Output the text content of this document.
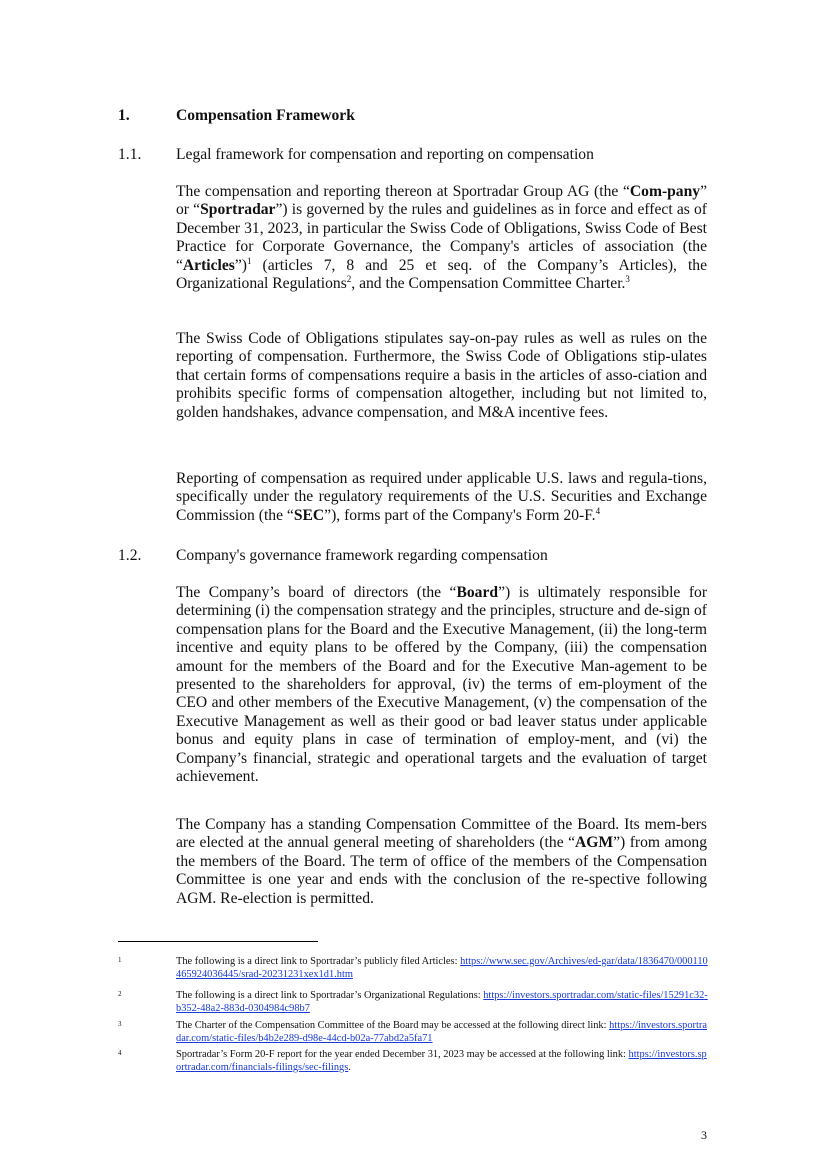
1.	Compensation Framework
1.1. Legal framework for compensation and reporting on compensation
The compensation and reporting thereon at Sportradar Group AG (the “Com-pany” or “Sportradar”) is governed by the rules and guidelines as in force and effect as of December 31, 2023, in particular the Swiss Code of Obligations, Swiss Code of Best Practice for Corporate Governance, the Company's articles of association (the “Articles”)$^1$ (articles 7, 8 and 25 et seq. of the Company’s Articles), the Organizational Regulations$^2$, and the Compensation Committee Charter.$^3$
The Swiss Code of Obligations stipulates say-on-pay rules as well as rules on the reporting of compensation. Furthermore, the Swiss Code of Obligations stip-ulates that certain forms of compensations require a basis in the articles of asso-ciation and prohibits specific forms of compensation altogether, including but not limited to, golden handshakes, advance compensation, and M&A incentive fees.
Reporting of compensation as required under applicable U.S. laws and regula-tions, specifically under the regulatory requirements of the U.S. Securities and Exchange Commission (the “SEC”), forms part of the Company's Form 20-F.$^4$
1.2. Company's governance framework regarding compensation
The Company’s board of directors (the “Board”) is ultimately responsible for determining (i) the compensation strategy and the principles, structure and de-sign of compensation plans for the Board and the Executive Management, (ii) the long-term incentive and equity plans to be offered by the Company, (iii) the compensation amount for the members of the Board and for the Executive Man-agement to be presented to the shareholders for approval, (iv) the terms of em-ployment of the CEO and other members of the Executive Management, (v) the compensation of the Executive Management as well as their good or bad leaver status under applicable bonus and equity plans in case of termination of employ-ment, and (vi) the Company’s financial, strategic and operational targets and the evaluation of target achievement.
The Company has a standing Compensation Committee of the Board. Its mem-bers are elected at the annual general meeting of shareholders (the “AGM”) from among the members of the Board. The term of office of the members of the Compensation Committee is one year and ends with the conclusion of the re-spective following AGM. Re-election is permitted.
1	The following is a direct link to Sportradar’s publicly filed Articles: https://www.sec.gov/Archives/ed-gar/data/1836470/000110465924036445/srad-20231231xex1d1.htm
2	The following is a direct link to Sportradar’s Organizational Regulations: https://investors.sportradar.com/static-files/15291c32-b352-48a2-883d-0304984c98b7
3	The Charter of the Compensation Committee of the Board may be accessed at the following direct link: https://investors.sportradar.com/static-files/b4b2e289-d98e-44cd-b02a-77abd2a5fa71
4	Sportradar’s Form 20-F report for the year ended December 31, 2023 may be accessed at the following link: https://investors.sportradar.com/financials-filings/sec-filings.
3
